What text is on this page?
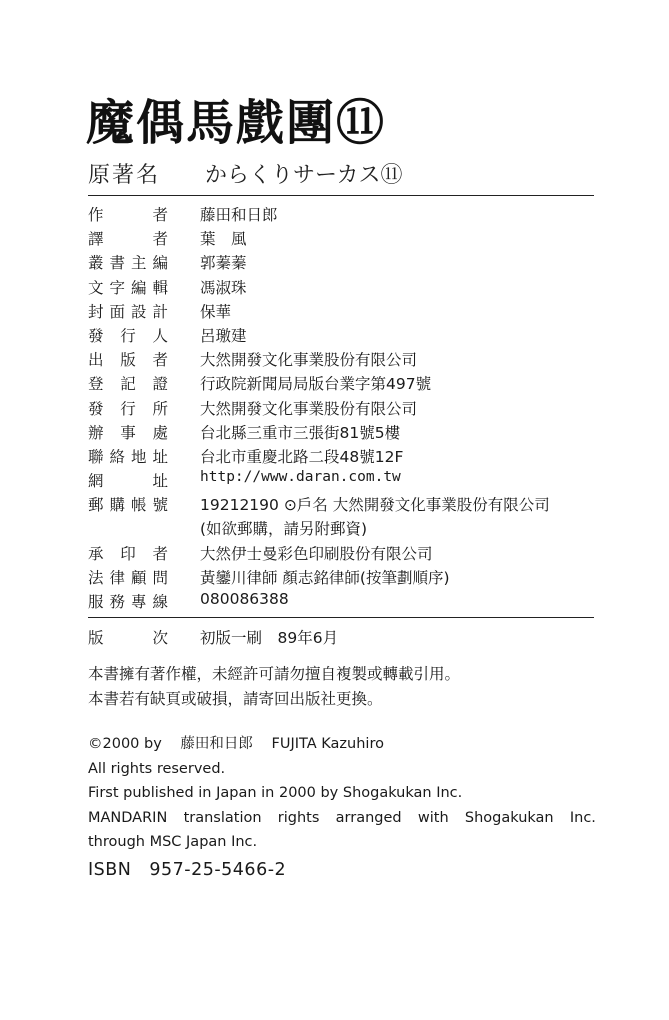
魔偶馬戲團⑪
原著名 からくりサーカス⑪
作	者 藤田和日郎
譯	者 葉　風
叢 書 主 編 郭蓁蓁
文 字 編 輯 馮淑珠
封 面 設 計 保華
發 行 人 呂璬建
出 版 者 大然開發文化事業股份有限公司
登 記 證 行政院新聞局局版台業字第497號
發 行 所 大然開發文化事業股份有限公司
辦 事 處 台北縣三重市三張街81號5樓
聯 絡 地 址 台北市重慶北路二段48號12F
網	址 http://www.daran.com.tw
郵 購 帳 號 19212190 ⊙戶名 大然開發文化事業股份有限公司
(如欲郵購，請另附郵資)
承 印 者 大然伊士曼彩色印刷股份有限公司
法 律 顧 問 黃鑾川律師 顏志銘律師(按筆劃順序)
服 務 專 線 080086388
版	次 初版一刷　89年6月
本書擁有著作權，未經許可請勿擅自複製或轉載引用。
本書若有缺頁或破損，請寄回出版社更換。
©2000 by 藤田和日郎 FUJITA Kazuhiro
All rights reserved.
First published in Japan in 2000 by Shogakukan Inc.
MANDARIN translation rights arranged with Shogakukan Inc.
through MSC Japan Inc.
ISBN　957-25-5466-2
